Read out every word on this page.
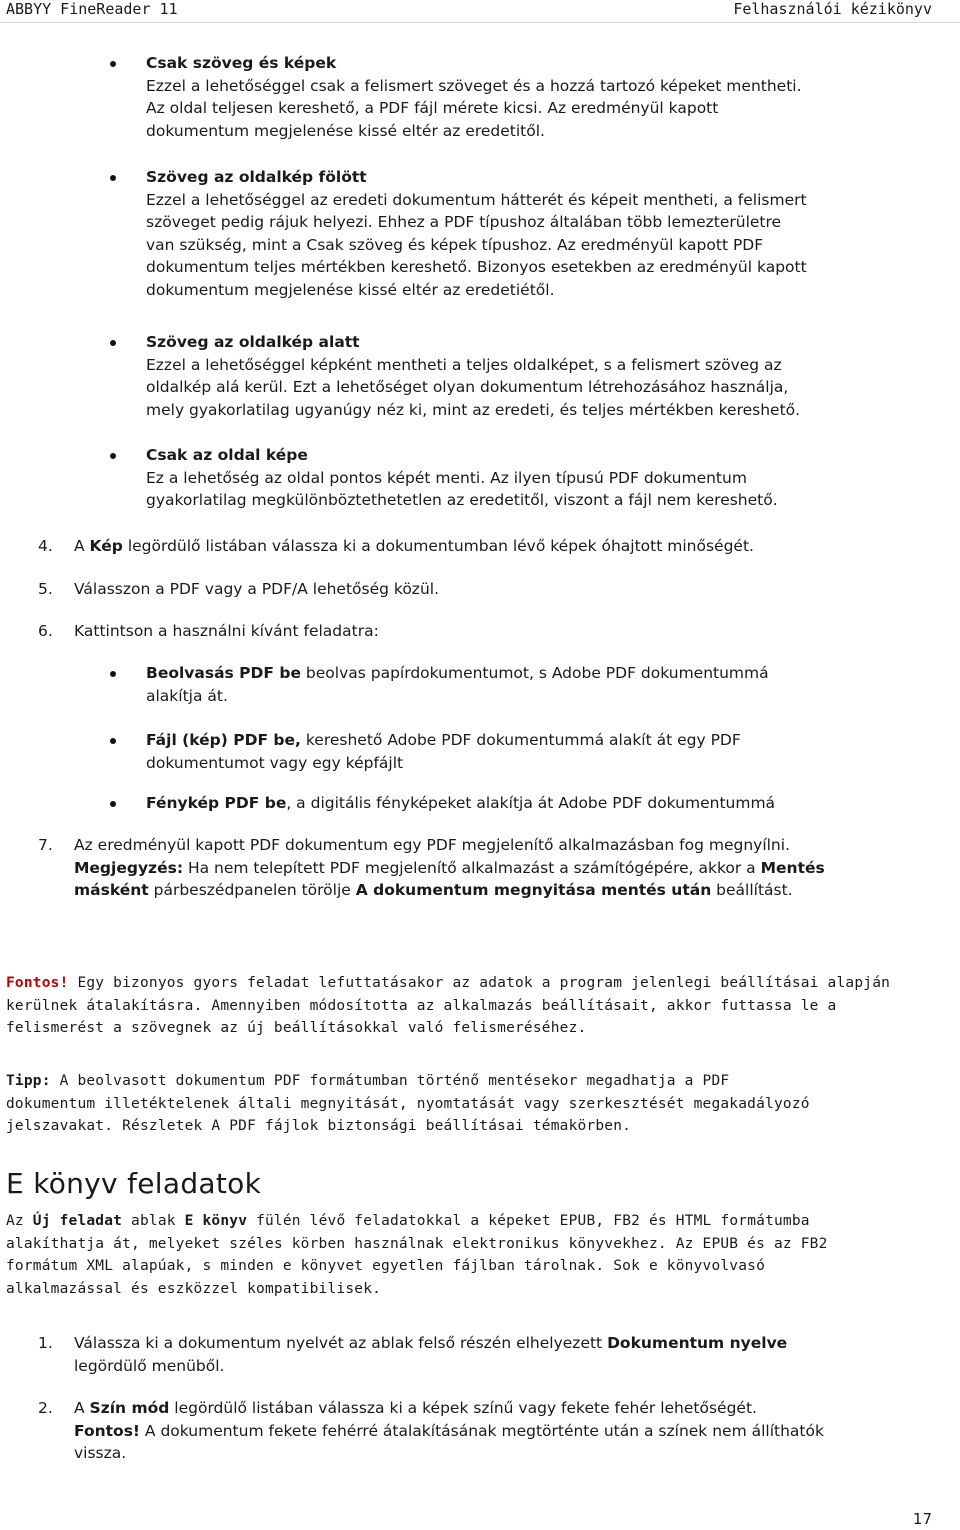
ABBYY FineReader 11	Felhasználói kézikönyv

Csak szöveg és képek

Ezzel a lehetőséggel csak a felismert szöveget és a hozzá tartozó képeket mentheti.

Az oldal teljesen kereshető, a PDF fájl mérete kicsi. Az eredményül kapott

dokumentum megjelenése kissé eltér az eredetitől.

Szöveg az oldalkép fölött

Ezzel a lehetőséggel az eredeti dokumentum hátterét és képeit mentheti, a felismert

szöveget pedig rájuk helyezi. Ehhez a PDF típushoz általában több lemezterületre

van szükség, mint a Csak szöveg és képek típushoz. Az eredményül kapott PDF

dokumentum teljes mértékben kereshető. Bizonyos esetekben az eredményül kapott

dokumentum megjelenése kissé eltér az eredetiétől.

Szöveg az oldalkép alatt

Ezzel a lehetőséggel képként mentheti a teljes oldalképet, s a felismert szöveg az

oldalkép alá kerül. Ezt a lehetőséget olyan dokumentum létrehozásához használja,

mely gyakorlatilag ugyanúgy néz ki, mint az eredeti, és teljes mértékben kereshető.

Csak az oldal képe

Ez a lehetőség az oldal pontos képét menti. Az ilyen típusú PDF dokumentum

gyakorlatilag megkülönböztethetetlen az eredetitől, viszont a fájl nem kereshető.

4.	A Kép legördülő listában válassza ki a dokumentumban lévő képek óhajtott minőségét.

5.	Válasszon a PDF vagy a PDF/A lehetőség közül.

6.	Kattintson a használni kívánt feladatra:

Beolvasás PDF be beolvas papírdokumentumot, s Adobe PDF dokumentummá

alakítja át.

Fájl (kép) PDF be, kereshető Adobe PDF dokumentummá alakít át egy PDF

dokumentumot vagy egy képfájlt

Fénykép PDF be, a digitális fényképeket alakítja át Adobe PDF dokumentummá

7. Az eredményül kapott PDF dokumentum egy PDF megjelenítő alkalmazásban fog megnyílni.

Megjegyzés: Ha nem telepített PDF megjelenítő alkalmazást a számítógépére, akkor a Mentés

másként párbeszédpanelen törölje A dokumentum megnyitása mentés után beállítást.

Fontos! Egy bizonyos gyors feladat lefuttatásakor az adatok a program jelenlegi beállításai alapján

kerülnek átalakításra. Amennyiben módosította az alkalmazás beállításait, akkor futtassa le a

felismerést a szövegnek az új beállításokkal való felismeréséhez.

Tipp: A beolvasott dokumentum PDF formátumban történő mentésekor megadhatja a PDF

dokumentum illetéktelenek általi megnyitását, nyomtatását vagy szerkesztését megakadályozó

jelszavakat. Részletek A PDF fájlok biztonsági beállításai témakörben.

E könyv feladatok

Az Új feladat ablak E könyv fülén lévő feladatokkal a képeket EPUB, FB2 és HTML formátumba

alakíthatja át, melyeket széles körben használnak elektronikus könyvekhez. Az EPUB és az FB2

formátum XML alapúak, s minden e könyvet egyetlen fájlban tárolnak. Sok e könyvolvasó

alkalmazással és eszközzel kompatibilisek.

1. Válassza ki a dokumentum nyelvét az ablak felső részén elhelyezett Dokumentum nyelve

legördülő menüből.

2. A Szín mód legördülő listában válassza ki a képek színű vagy fekete fehér lehetőségét.

Fontos! A dokumentum fekete fehérré átalakításának megtörténte után a színek nem állíthatók

vissza.

17
